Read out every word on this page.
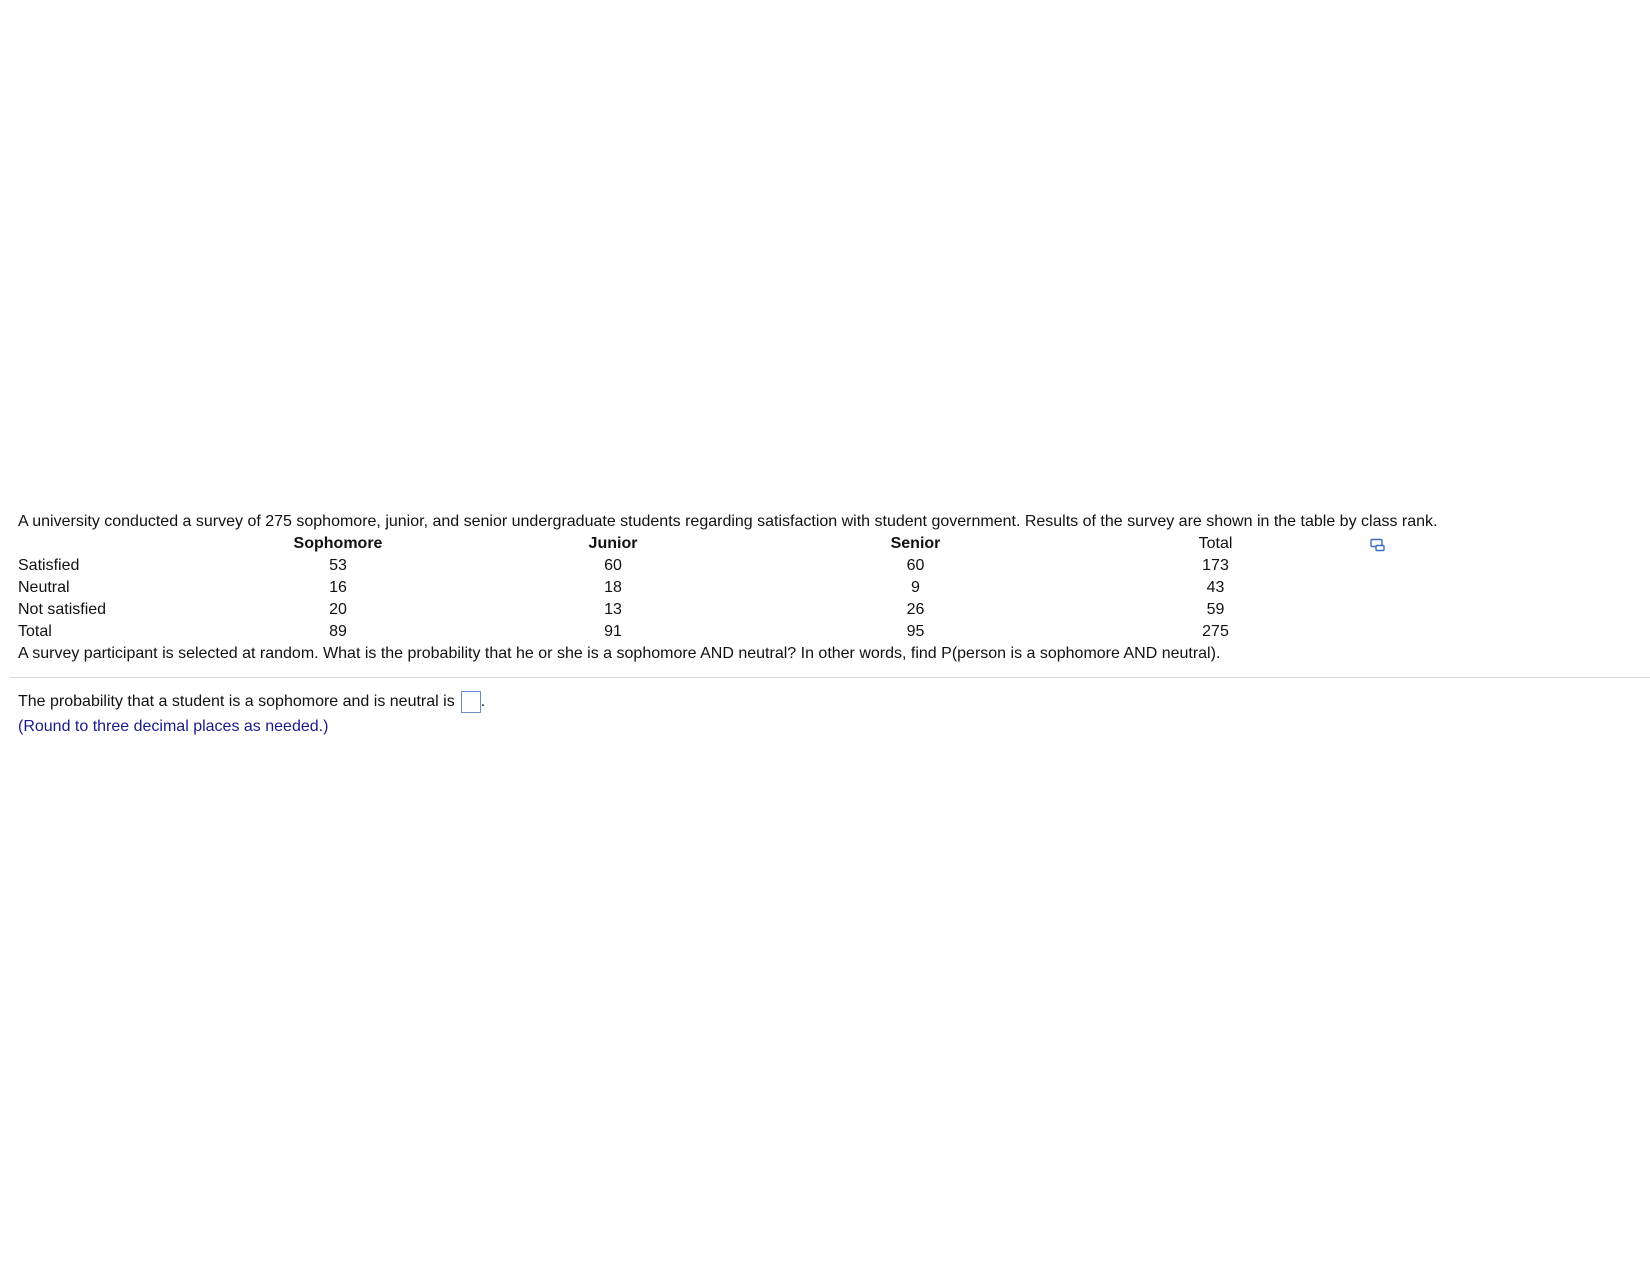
A university conducted a survey of 275 sophomore, junior, and senior undergraduate students regarding satisfaction with student government. Results of the survey are shown in the table by class rank.
	Sophomore	Junior	Senior	Total
Satisfied	53	60	60	173
Neutral	16	18	9	43
Not satisfied	20	13	26	59
Total	89	91	95	275
A survey participant is selected at random. What is the probability that he or she is a sophomore AND neutral? In other words, find P(person is a sophomore AND neutral).
The probability that a student is a sophomore and is neutral is .
(Round to three decimal places as needed.)
